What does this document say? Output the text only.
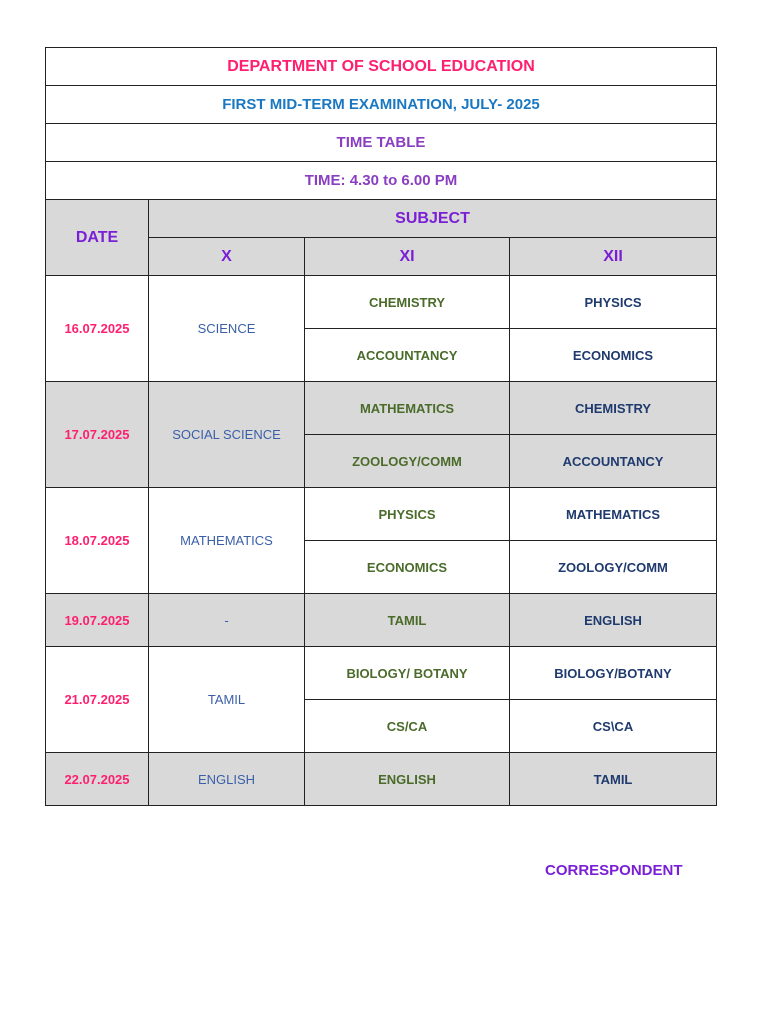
DEPARTMENT OF SCHOOL EDUCATION			
FIRST MID-TERM EXAMINATION, JULY- 2025			
TIME TABLE			
TIME: 4.30 to 6.00 PM			
DATE	SUBJECT		
	X	XI	XII
16.07.2025	SCIENCE	CHEMISTRY	PHYSICS
		ACCOUNTANCY	ECONOMICS
17.07.2025	SOCIAL SCIENCE	MATHEMATICS	CHEMISTRY
		ZOOLOGY/COMM	ACCOUNTANCY
18.07.2025	MATHEMATICS	PHYSICS	MATHEMATICS
		ECONOMICS	ZOOLOGY/COMM
19.07.2025	-	TAMIL	ENGLISH
21.07.2025	TAMIL	BIOLOGY/ BOTANY	BIOLOGY/BOTANY
		CS/CA	CS\CA
22.07.2025	ENGLISH	ENGLISH	TAMIL
CORRESPONDENT
